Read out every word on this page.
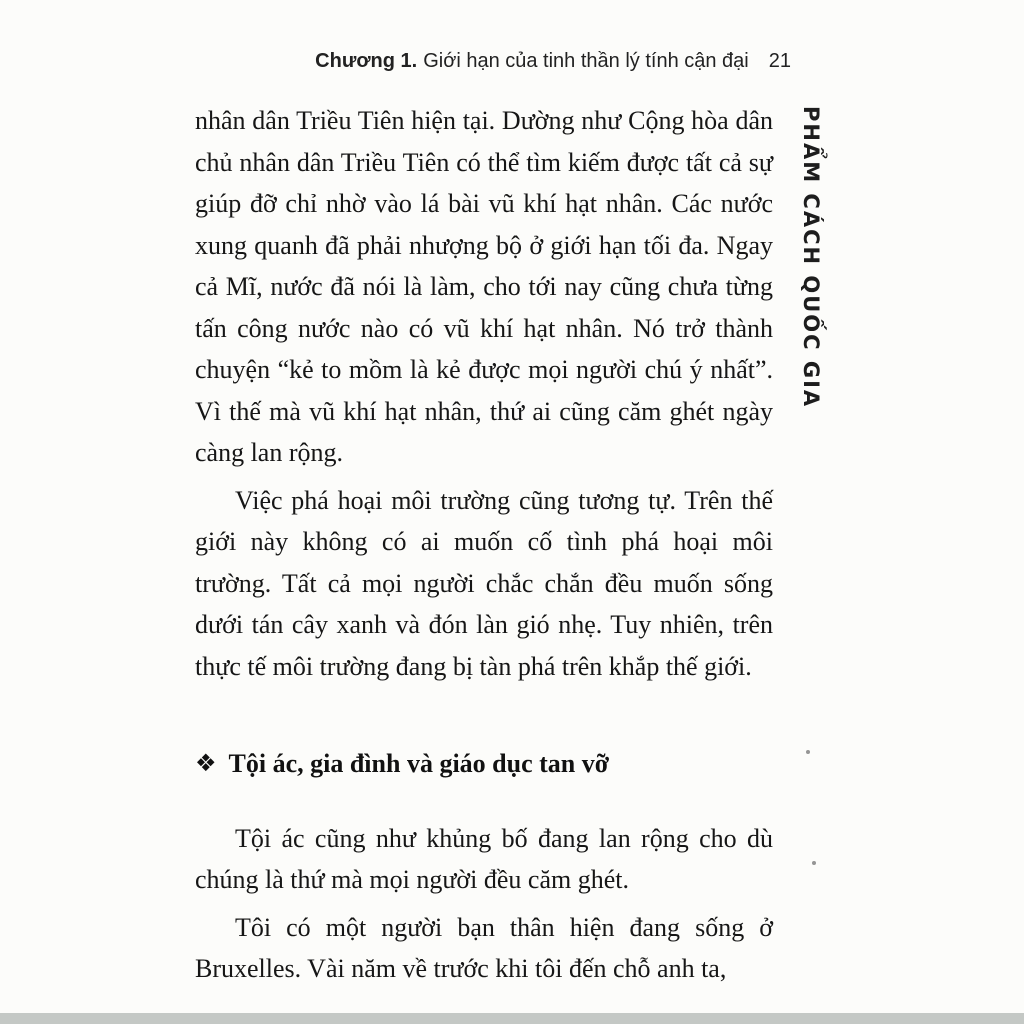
Chương 1. Giới hạn của tinh thần lý tính cận đại 21
PHẨM CÁCH QUỐC GIA

nhân dân Triều Tiên hiện tại. Dường như Cộng hòa dân chủ nhân dân Triều Tiên có thể tìm kiếm được tất cả sự giúp đỡ chỉ nhờ vào lá bài vũ khí hạt nhân. Các nước xung quanh đã phải nhượng bộ ở giới hạn tối đa. Ngay cả Mĩ, nước đã nói là làm, cho tới nay cũng chưa từng tấn công nước nào có vũ khí hạt nhân. Nó trở thành chuyện “kẻ to mồm là kẻ được mọi người chú ý nhất”. Vì thế mà vũ khí hạt nhân, thứ ai cũng căm ghét ngày càng lan rộng.

Việc phá hoại môi trường cũng tương tự. Trên thế giới này không có ai muốn cố tình phá hoại môi trường. Tất cả mọi người chắc chắn đều muốn sống dưới tán cây xanh và đón làn gió nhẹ. Tuy nhiên, trên thực tế môi trường đang bị tàn phá trên khắp thế giới.

❖ Tội ác, gia đình và giáo dục tan vỡ

Tội ác cũng như khủng bố đang lan rộng cho dù chúng là thứ mà mọi người đều căm ghét.

Tôi có một người bạn thân hiện đang sống ở Bruxelles. Vài năm về trước khi tôi đến chỗ anh ta,
